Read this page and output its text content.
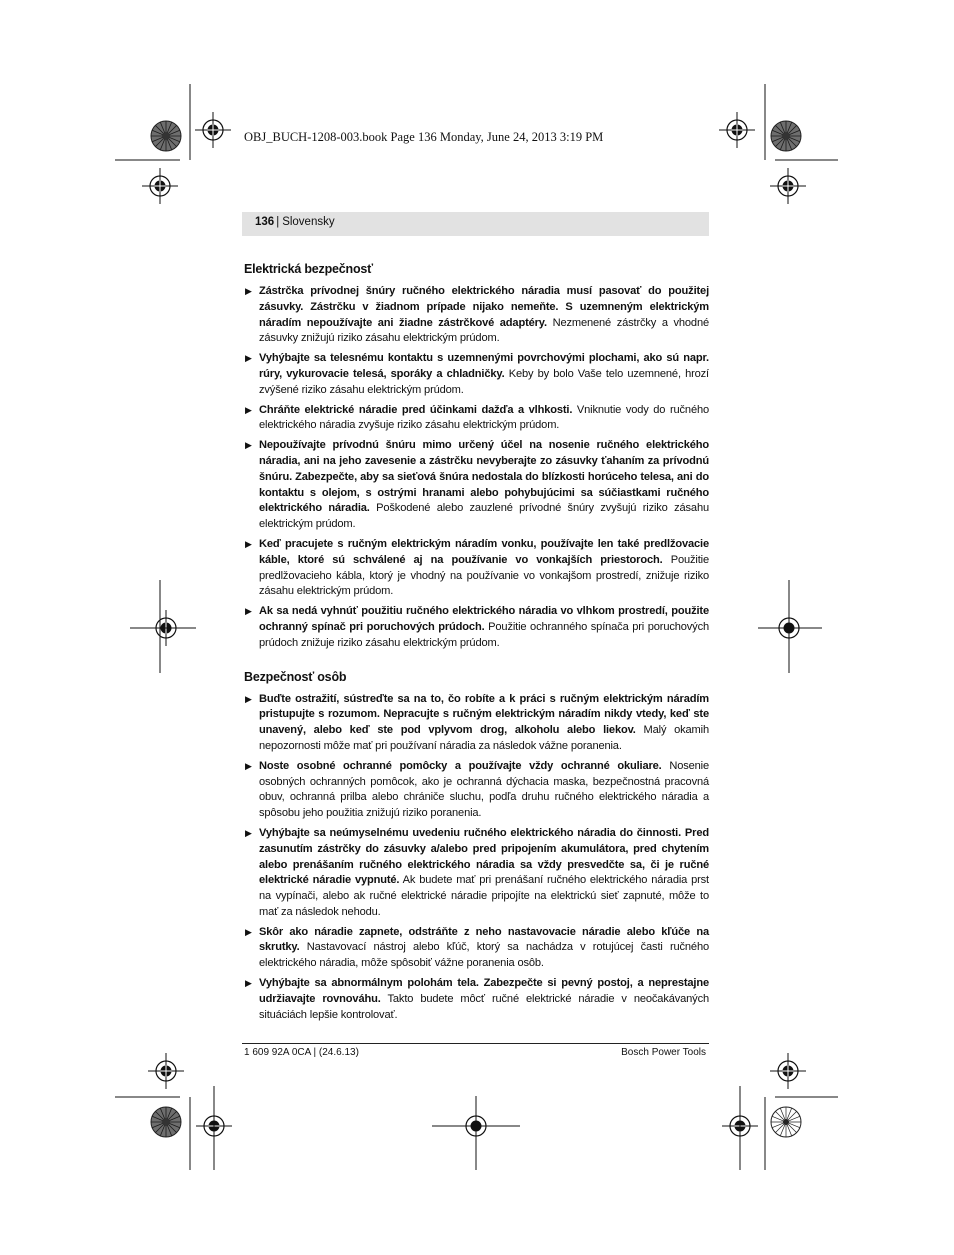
OBJ_BUCH-1208-003.book Page 136 Monday, June 24, 2013 3:19 PM
136 | Slovensky
Elektrická bezpečnosť
▶ Zástrčka prívodnej šnúry ručného elektrického náradia musí pasovať do použitej zásuvky. Zástrčku v žiadnom prípade nijako nemeňte. S uzemneným elektrickým náradím nepoužívajte ani žiadne zástrčkové adaptéry. Nezmenené zástrčky a vhodné zásuvky znižujú riziko zásahu elektrickým prúdom.
▶ Vyhýbajte sa telesnému kontaktu s uzemnenými povrchovými plochami, ako sú napr. rúry, vykurovacie telesá, sporáky a chladničky. Keby by bolo Vaše telo uzemnené, hrozí zvýšené riziko zásahu elektrickým prúdom.
▶ Chráňte elektrické náradie pred účinkami dažďa a vlhkosti. Vniknutie vody do ručného elektrického náradia zvyšuje riziko zásahu elektrickým prúdom.
▶ Nepoužívajte prívodnú šnúru mimo určený účel na nosenie ručného elektrického náradia, ani na jeho zavesenie a zástrčku nevyberajte zo zásuvky ťahaním za prívodnú šnúru. Zabezpečte, aby sa sieťová šnúra nedostala do blízkosti horúceho telesa, ani do kontaktu s olejom, s ostrými hranami alebo pohybujúcimi sa súčiastkami ručného elektrického náradia. Poškodené alebo zauzlené prívodné šnúry zvyšujú riziko zásahu elektrickým prúdom.
▶ Keď pracujete s ručným elektrickým náradím vonku, používajte len také predlžovacie káble, ktoré sú schválené aj na používanie vo vonkajších priestoroch. Použitie predlžovacieho kábla, ktorý je vhodný na používanie vo vonkajšom prostredí, znižuje riziko zásahu elektrickým prúdom.
▶ Ak sa nedá vyhnúť použitiu ručného elektrického náradia vo vlhkom prostredí, použite ochranný spínač pri poruchových prúdoch. Použitie ochranného spínača pri poruchových prúdoch znižuje riziko zásahu elektrickým prúdom.
Bezpečnosť osôb
▶ Buďte ostražití, sústreďte sa na to, čo robíte a k práci s ručným elektrickým náradím pristupujte s rozumom. Nepracujte s ručným elektrickým náradím nikdy vtedy, keď ste unavený, alebo keď ste pod vplyvom drog, alkoholu alebo liekov. Malý okamih nepozornosti môže mať pri používaní náradia za následok vážne poranenia.
▶ Noste osobné ochranné pomôcky a používajte vždy ochranné okuliare. Nosenie osobných ochranných pomôcok, ako je ochranná dýchacia maska, bezpečnostná pracovná obuv, ochranná prilba alebo chrániče sluchu, podľa druhu ručného elektrického náradia a spôsobu jeho použitia znižujú riziko poranenia.
▶ Vyhýbajte sa neúmyselnému uvedeniu ručného elektrického náradia do činnosti. Pred zasunutím zástrčky do zásuvky a/alebo pred pripojením akumulátora, pred chytením alebo prenášaním ručného elektrického náradia sa vždy presvedčte sa, či je ručné elektrické náradie vypnuté. Ak budete mať pri prenášaní ručného elektrického náradia prst na vypínači, alebo ak ručné elektrické náradie pripojíte na elektrickú sieť zapnuté, môže to mať za následok nehodu.
▶ Skôr ako náradie zapnete, odstráňte z neho nastavovacie náradie alebo kľúče na skrutky. Nastavovací nástroj alebo kľúč, ktorý sa nachádza v rotujúcej časti ručného elektrického náradia, môže spôsobiť vážne poranenia osôb.
▶ Vyhýbajte sa abnormálnym polohám tela. Zabezpečte si pevný postoj, a neprestajne udržiavajte rovnováhu. Takto budete môcť ručné elektrické náradie v neočakávaných situáciách lepšie kontrolovať.
1 609 92A 0CA | (24.6.13)	Bosch Power Tools
